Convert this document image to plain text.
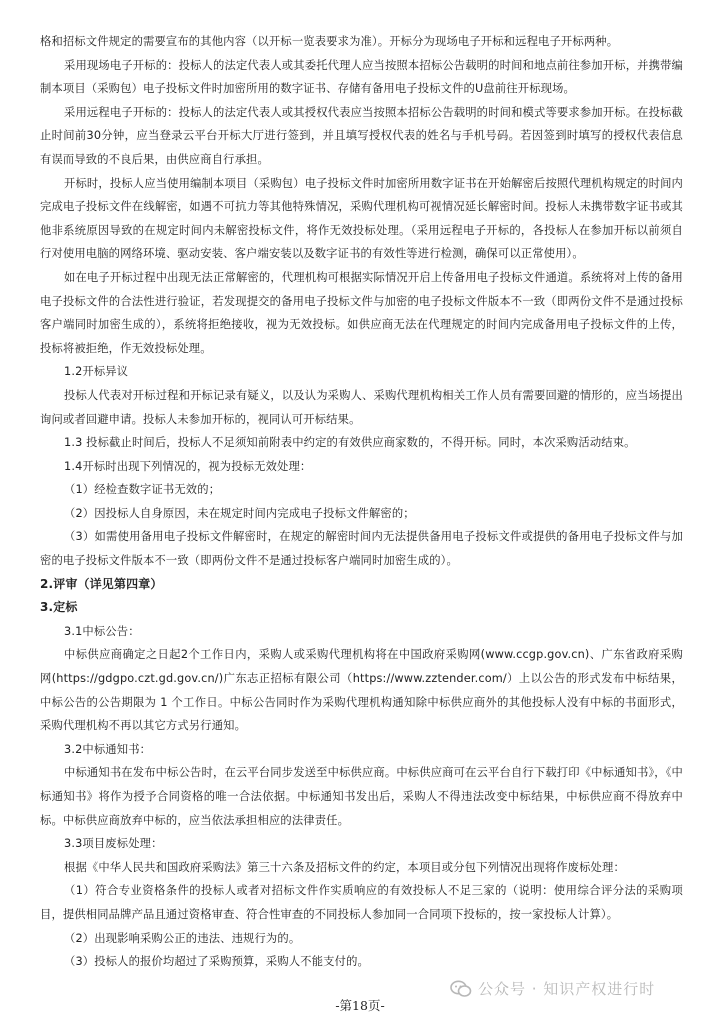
格和招标文件规定的需要宣布的其他内容（以开标一览表要求为准）。开标分为现场电子开标和远程电子开标两种。

采用现场电子开标的：投标人的法定代表人或其委托代理人应当按照本招标公告载明的时间和地点前往参加开标，并携带编制本项目（采购包）电子投标文件时加密所用的数字证书、存储有备用电子投标文件的U盘前往开标现场。

采用远程电子开标的：投标人的法定代表人或其授权代表应当按照本招标公告载明的时间和模式等要求参加开标。在投标截止时间前30分钟，应当登录云平台开标大厅进行签到，并且填写授权代表的姓名与手机号码。若因签到时填写的授权代表信息有误而导致的不良后果，由供应商自行承担。

开标时，投标人应当使用编制本项目（采购包）电子投标文件时加密所用数字证书在开始解密后按照代理机构规定的时间内完成电子投标文件在线解密，如遇不可抗力等其他特殊情况，采购代理机构可视情况延长解密时间。投标人未携带数字证书或其他非系统原因导致的在规定时间内未解密投标文件，将作无效投标处理。（采用远程电子开标的，各投标人在参加开标以前须自行对使用电脑的网络环境、驱动安装、客户端安装以及数字证书的有效性等进行检测，确保可以正常使用）。

如在电子开标过程中出现无法正常解密的，代理机构可根据实际情况开启上传备用电子投标文件通道。系统将对上传的备用电子投标文件的合法性进行验证，若发现提交的备用电子投标文件与加密的电子投标文件版本不一致（即两份文件不是通过投标客户端同时加密生成的），系统将拒绝接收，视为无效投标。如供应商无法在代理规定的时间内完成备用电子投标文件的上传，投标将被拒绝，作无效投标处理。

1.2开标异议

投标人代表对开标过程和开标记录有疑义，以及认为采购人、采购代理机构相关工作人员有需要回避的情形的，应当场提出询问或者回避申请。投标人未参加开标的，视同认可开标结果。

1.3 投标截止时间后，投标人不足须知前附表中约定的有效供应商家数的，不得开标。同时，本次采购活动结束。

1.4开标时出现下列情况的，视为投标无效处理：

（1）经检查数字证书无效的；

（2）因投标人自身原因，未在规定时间内完成电子投标文件解密的；

（3）如需使用备用电子投标文件解密时，在规定的解密时间内无法提供备用电子投标文件或提供的备用电子投标文件与加密的电子投标文件版本不一致（即两份文件不是通过投标客户端同时加密生成的）。

2.评审（详见第四章）

3.定标

3.1中标公告：

中标供应商确定之日起2个工作日内，采购人或采购代理机构将在中国政府采购网(www.ccgp.gov.cn)、广东省政府采购网(https://gdgpo.czt.gd.gov.cn/)广东志正招标有限公司（https://www.zztender.com/）上以公告的形式发布中标结果，中标公告的公告期限为 1 个工作日。中标公告同时作为采购代理机构通知除中标供应商外的其他投标人没有中标的书面形式，采购代理机构不再以其它方式另行通知。

3.2中标通知书：

中标通知书在发布中标公告时，在云平台同步发送至中标供应商。中标供应商可在云平台自行下载打印《中标通知书》，《中标通知书》将作为授予合同资格的唯一合法依据。中标通知书发出后，采购人不得违法改变中标结果，中标供应商不得放弃中标。中标供应商放弃中标的，应当依法承担相应的法律责任。

3.3项目废标处理：

根据《中华人民共和国政府采购法》第三十六条及招标文件的约定，本项目或分包下列情况出现将作废标处理：

（1）符合专业资格条件的投标人或者对招标文件作实质响应的有效投标人不足三家的（说明：使用综合评分法的采购项目，提供相同品牌产品且通过资格审查、符合性审查的不同投标人参加同一合同项下投标的，按一家投标人计算）。

（2）出现影响采购公正的违法、违规行为的。

（3）投标人的报价均超过了采购预算，采购人不能支付的。

公众号 · 知识产权进行时
-第18页-
